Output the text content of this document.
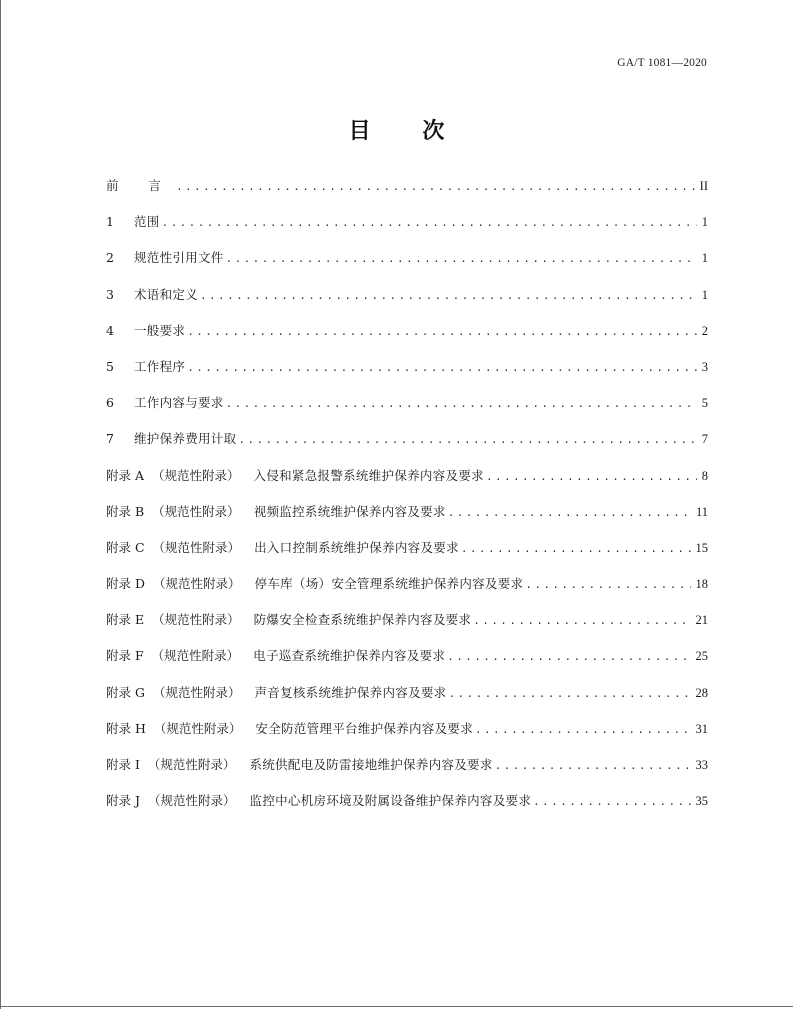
GA/T 1081—2020
目 次
前 言 .....	II
1	范围 .....	1
2	规范性引用文件 .....	1
3	术语和定义 .....	1
4	一般要求 .....	2
5	工作程序 .....	3
6	工作内容与要求 .....	5
7	维护保养费用计取 .....	7
附录 A （规范性附录） 入侵和紧急报警系统维护保养内容及要求 .....	8
附录 B （规范性附录） 视频监控系统维护保养内容及要求 .....	11
附录 C （规范性附录） 出入口控制系统维护保养内容及要求 .....	15
附录 D （规范性附录） 停车库（场）安全管理系统维护保养内容及要求 .....	18
附录 E （规范性附录） 防爆安全检查系统维护保养内容及要求 .....	21
附录 F （规范性附录） 电子巡查系统维护保养内容及要求 .....	25
附录 G （规范性附录） 声音复核系统维护保养内容及要求 .....	28
附录 H （规范性附录） 安全防范管理平台维护保养内容及要求 .....	31
附录 I （规范性附录） 系统供配电及防雷接地维护保养内容及要求 .....	33
附录 J （规范性附录） 监控中心机房环境及附属设备维护保养内容及要求 .....	35
